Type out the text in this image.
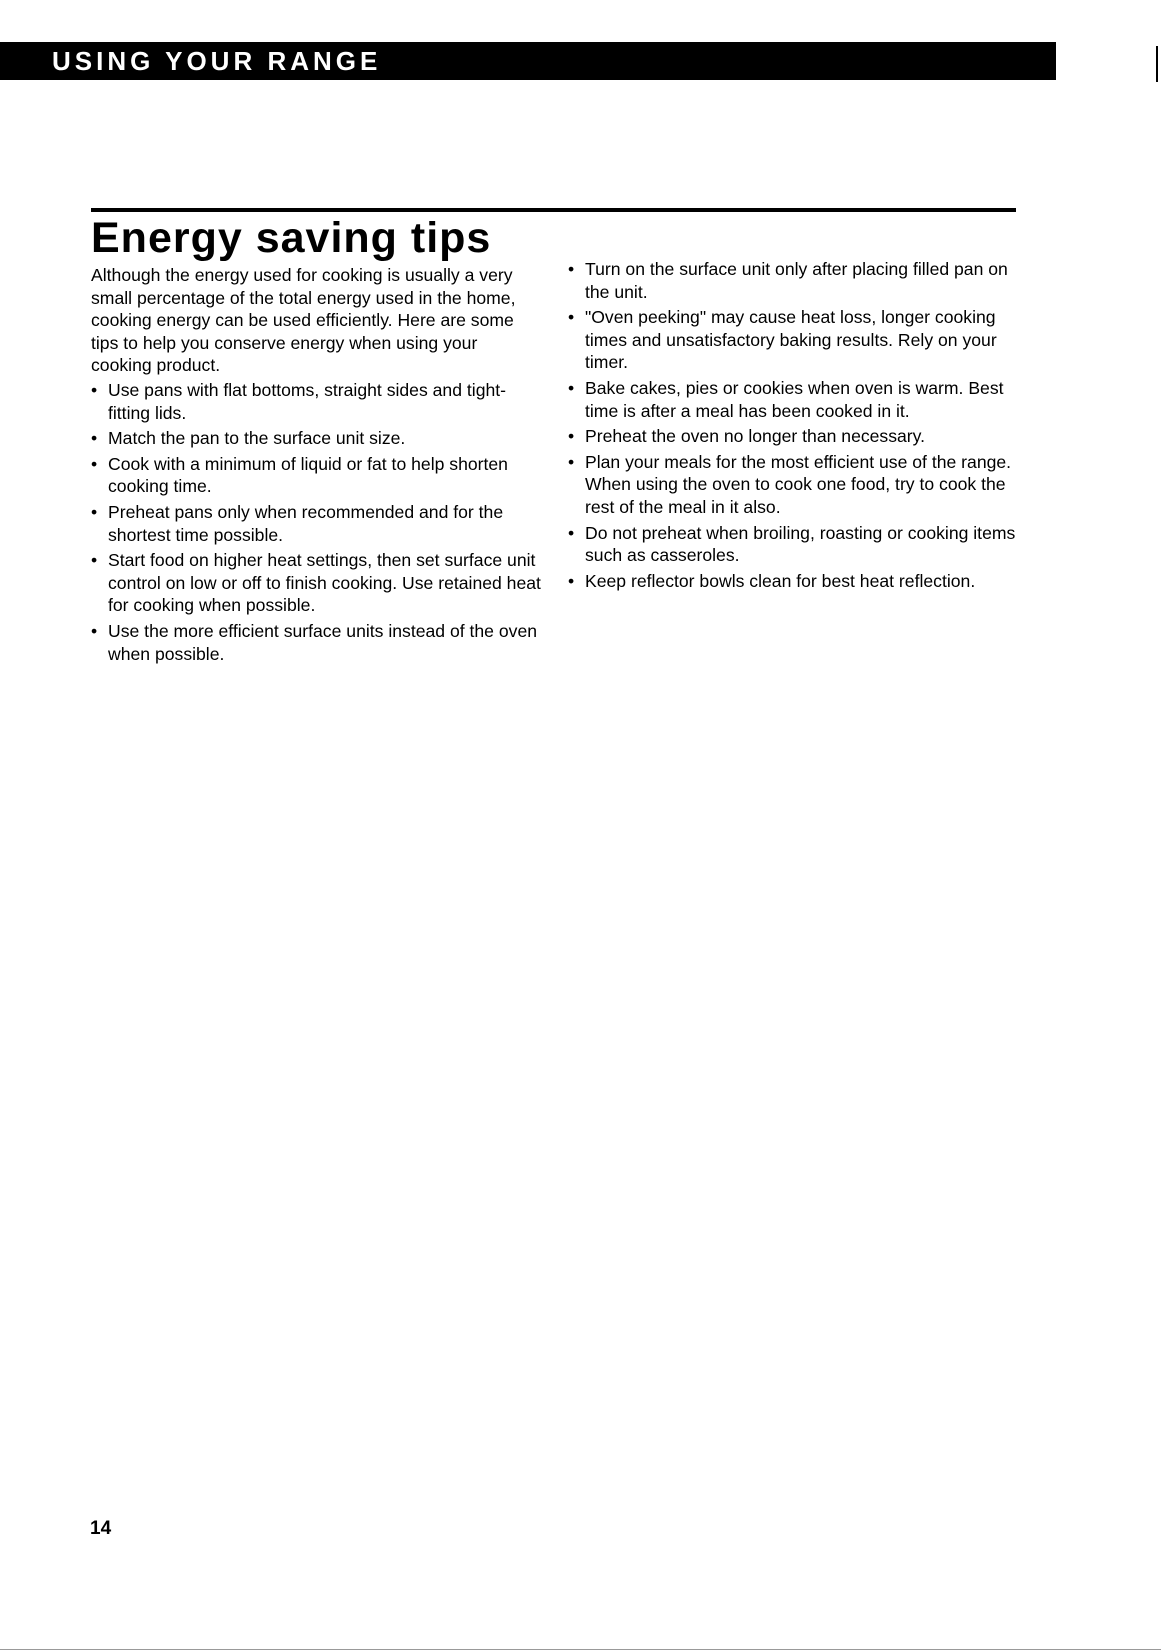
USING YOUR RANGE
Energy saving tips

Although the energy used for cooking is usually a very small percentage of the total energy used in the home, cooking energy can be used efficiently. Here are some tips to help you conserve energy when using your cooking product.

• Use pans with flat bottoms, straight sides and tight-fitting lids.
• Match the pan to the surface unit size.
• Cook with a minimum of liquid or fat to help shorten cooking time.
• Preheat pans only when recommended and for the shortest time possible.
• Start food on higher heat settings, then set surface unit control on low or off to finish cooking. Use retained heat for cooking when possible.
• Use the more efficient surface units instead of the oven when possible.
• Turn on the surface unit only after placing filled pan on the unit.
• "Oven peeking" may cause heat loss, longer cooking times and unsatisfactory baking results. Rely on your timer.
• Bake cakes, pies or cookies when oven is warm. Best time is after a meal has been cooked in it.
• Preheat the oven no longer than necessary.
• Plan your meals for the most efficient use of the range. When using the oven to cook one food, try to cook the rest of the meal in it also.
• Do not preheat when broiling, roasting or cooking items such as casseroles.
• Keep reflector bowls clean for best heat reflection.
14
